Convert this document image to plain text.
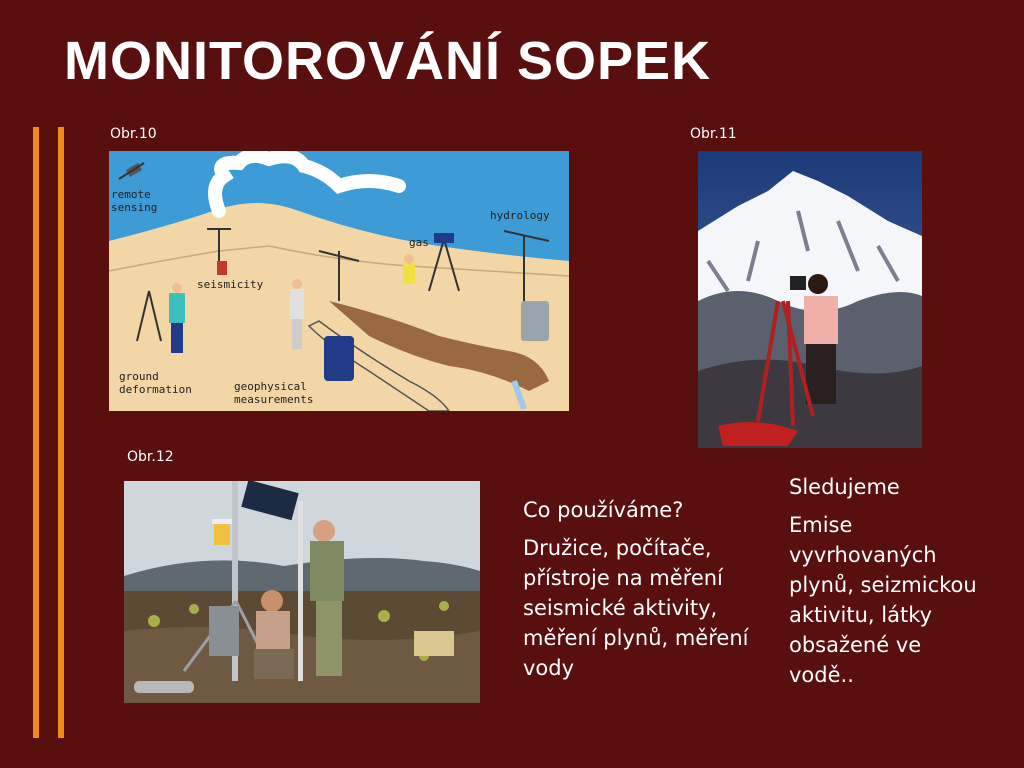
MONITOROVÁNÍ SOPEK
Obr.10	Obr.11
Obr.12
remote
sensing
hydrology
gas
seismicity
ground
deformation	geophysical
measurements

Co používáme?

Družice, počítače, přístroje na měření seismické aktivity, měření plynů, měření vody

Sledujeme

Emise vyvrhovaných plynů, seizmickou aktivitu, látky obsažené ve vodě..
